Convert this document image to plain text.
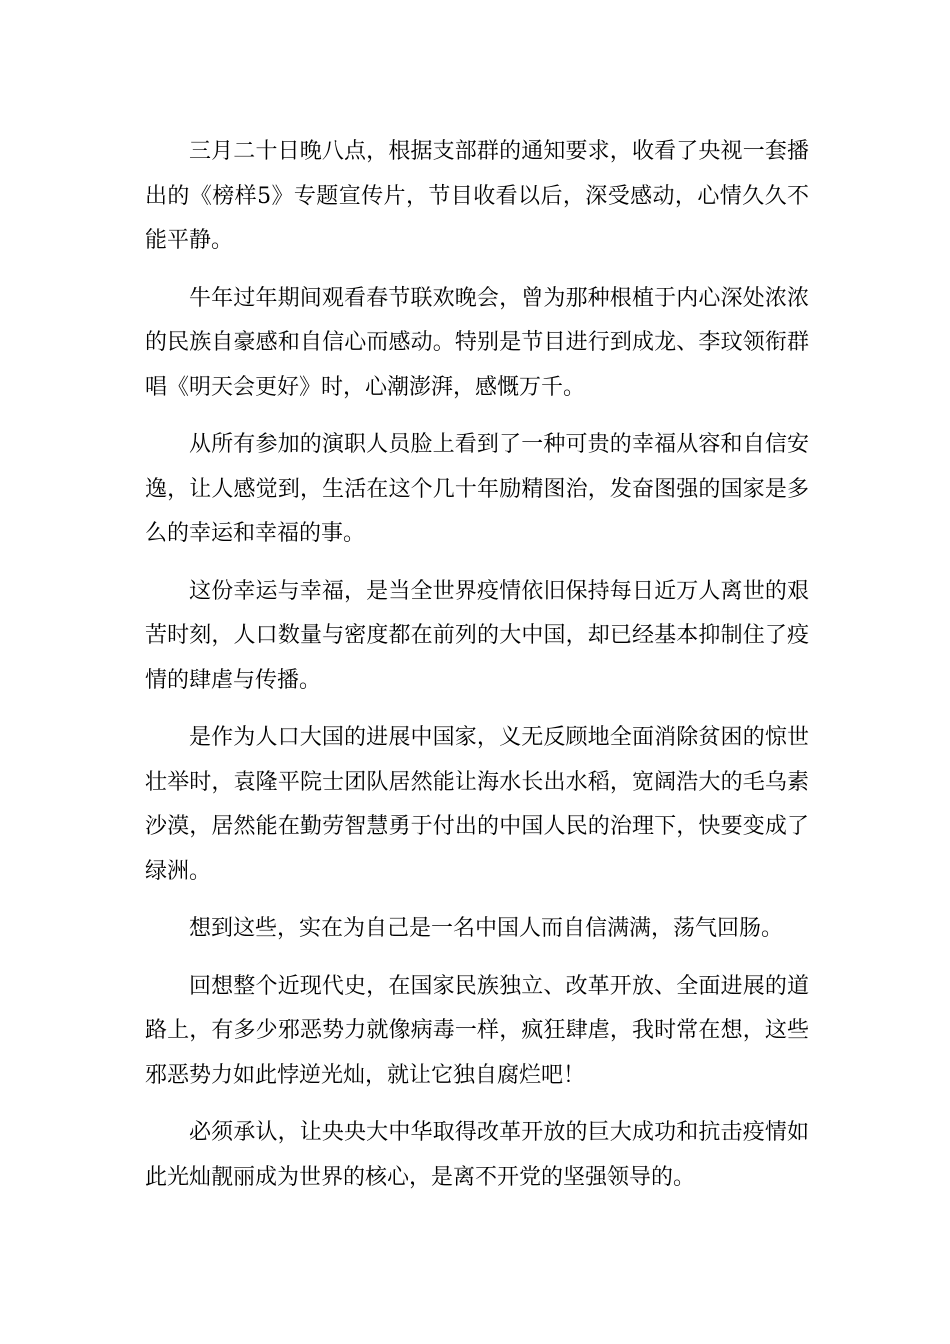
三月二十日晚八点，根据支部群的通知要求，收看了央视一套播出的《榜样5》专题宣传片，节目收看以后，深受感动，心情久久不能平静。

牛年过年期间观看春节联欢晚会，曾为那种根植于内心深处浓浓的民族自豪感和自信心而感动。特别是节目进行到成龙、李玟领衔群唱《明天会更好》时，心潮澎湃，感慨万千。

从所有参加的演职人员脸上看到了一种可贵的幸福从容和自信安逸，让人感觉到，生活在这个几十年励精图治，发奋图强的国家是多么的幸运和幸福的事。

这份幸运与幸福，是当全世界疫情依旧保持每日近万人离世的艰苦时刻，人口数量与密度都在前列的大中国，却已经基本抑制住了疫情的肆虐与传播。

是作为人口大国的进展中国家，义无反顾地全面消除贫困的惊世壮举时，袁隆平院士团队居然能让海水长出水稻，宽阔浩大的毛乌素沙漠，居然能在勤劳智慧勇于付出的中国人民的治理下，快要变成了绿洲。

想到这些，实在为自己是一名中国人而自信满满，荡气回肠。

回想整个近现代史，在国家民族独立、改革开放、全面进展的道路上，有多少邪恶势力就像病毒一样，疯狂肆虐，我时常在想，这些邪恶势力如此悖逆光灿，就让它独自腐烂吧！

必须承认，让央央大中华取得改革开放的巨大成功和抗击疫情如此光灿靓丽成为世界的核心，是离不开党的坚强领导的。
